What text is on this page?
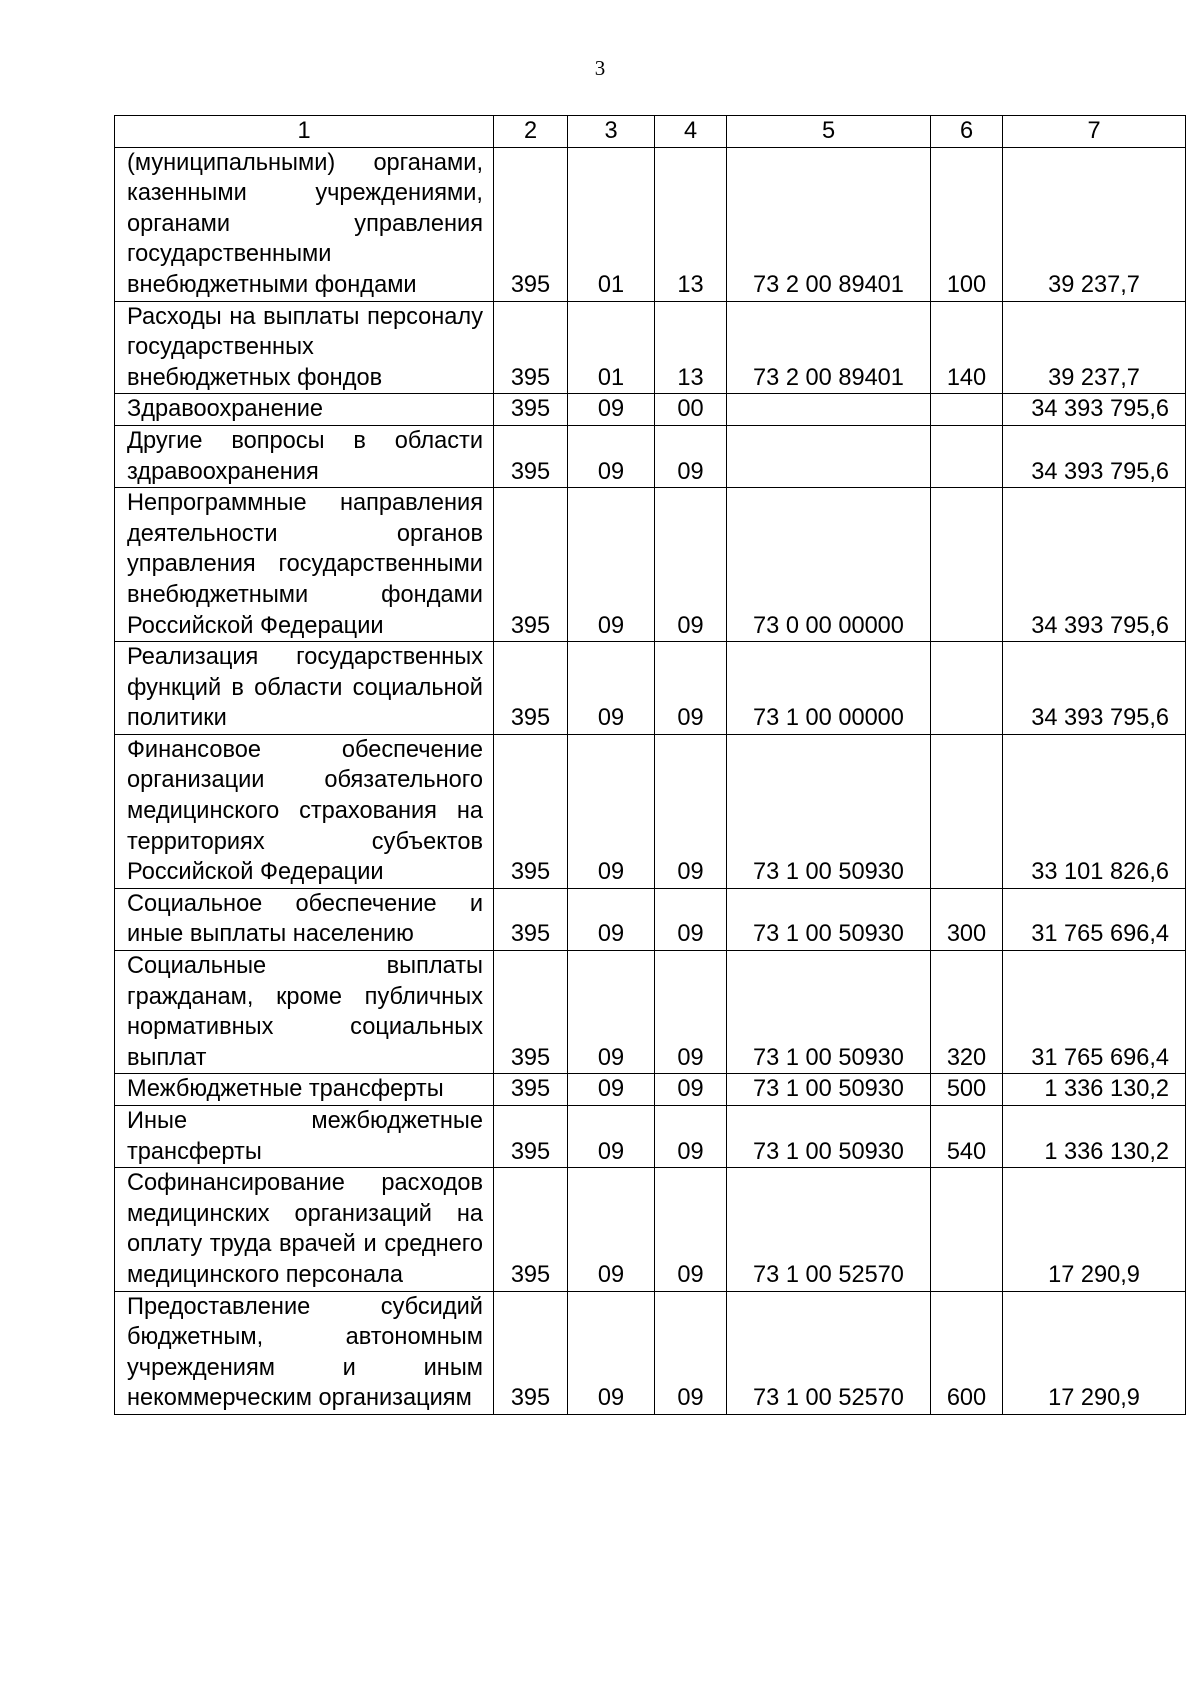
3
1	2	3	4	5	6	7
(муниципальными) органами, казенными учреждениями, органами управления государственными внебюджетными фондами	395	01	13	73 2 00 89401	100	39 237,7
Расходы на выплаты персоналу государственных внебюджетных фондов	395	01	13	73 2 00 89401	140	39 237,7
Здравоохранение	395	09	00			34 393 795,6
Другие вопросы в области здравоохранения	395	09	09			34 393 795,6
Непрограммные направления деятельности органов управления государственными внебюджетными фондами Российской Федерации	395	09	09	73 0 00 00000		34 393 795,6
Реализация государственных функций в области социальной политики	395	09	09	73 1 00 00000		34 393 795,6
Финансовое обеспечение организации обязательного медицинского страхования на территориях субъектов Российской Федерации	395	09	09	73 1 00 50930		33 101 826,6
Социальное обеспечение и иные выплаты населению	395	09	09	73 1 00 50930	300	31 765 696,4
Социальные выплаты гражданам, кроме публичных нормативных социальных выплат	395	09	09	73 1 00 50930	320	31 765 696,4
Межбюджетные трансферты	395	09	09	73 1 00 50930	500	1 336 130,2
Иные межбюджетные трансферты	395	09	09	73 1 00 50930	540	1 336 130,2
Софинансирование расходов медицинских организаций на оплату труда врачей и среднего медицинского персонала	395	09	09	73 1 00 52570		17 290,9
Предоставление субсидий бюджетным, автономным учреждениям и иным некоммерческим организациям	395	09	09	73 1 00 52570	600	17 290,9
